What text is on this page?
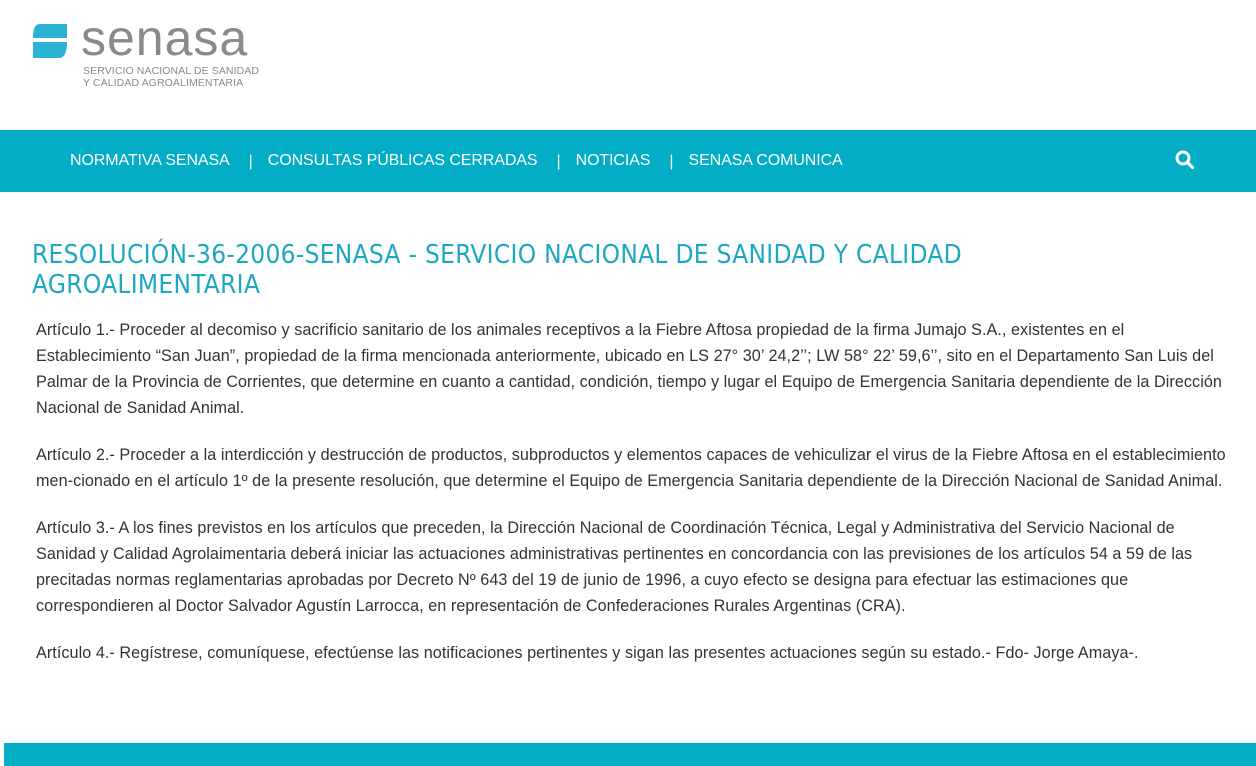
senasa
SERVICIO NACIONAL DE SANIDAD
Y CALIDAD AGROALIMENTARIA
NORMATIVA SENASA	| CONSULTAS PÚBLICAS CERRADAS	| NOTICIAS	| SENASA COMUNICA
RESOLUCIÓN-36-2006-SENASA - SERVICIO NACIONAL DE SANIDAD Y CALIDAD AGROALIMENTARIA

Artículo 1.- Proceder al decomiso y sacrificio sanitario de los animales receptivos a la Fiebre Aftosa propiedad de la firma Jumajo S.A., existentes en el Establecimiento “San Juan”, propiedad de la firma mencionada anteriormente, ubicado en LS 27° 30’ 24,2’’; LW 58° 22’ 59,6’’, sito en el Departamento San Luis del Palmar de la Provincia de Corrientes, que determine en cuanto a cantidad, condición, tiempo y lugar el Equipo de Emergencia Sanitaria dependiente de la Dirección Nacional de Sanidad Animal.

Artículo 2.- Proceder a la interdicción y destrucción de productos, subproductos y elementos capaces de vehiculizar el virus de la Fiebre Aftosa en el establecimiento men-cionado en el artículo 1º de la presente resolución, que determine el Equipo de Emergencia Sanitaria dependiente de la Dirección Nacional de Sanidad Animal.

Artículo 3.- A los fines previstos en los artículos que preceden, la Dirección Nacional de Coordinación Técnica, Legal y Administrativa del Servicio Nacional de Sanidad y Calidad Agrolaimentaria deberá iniciar las actuaciones administrativas pertinentes en concordancia con las previsiones de los artículos 54 a 59 de las precitadas normas reglamentarias aprobadas por Decreto Nº 643 del 19 de junio de 1996, a cuyo efecto se designa para efectuar las estimaciones que correspondieren al Doctor Salvador Agustín Larrocca, en representación de Confederaciones Rurales Argentinas (CRA).

Artículo 4.- Regístrese, comuníquese, efectúense las notificaciones pertinentes y sigan las presentes actuaciones según su estado.- Fdo- Jorge Amaya-.
